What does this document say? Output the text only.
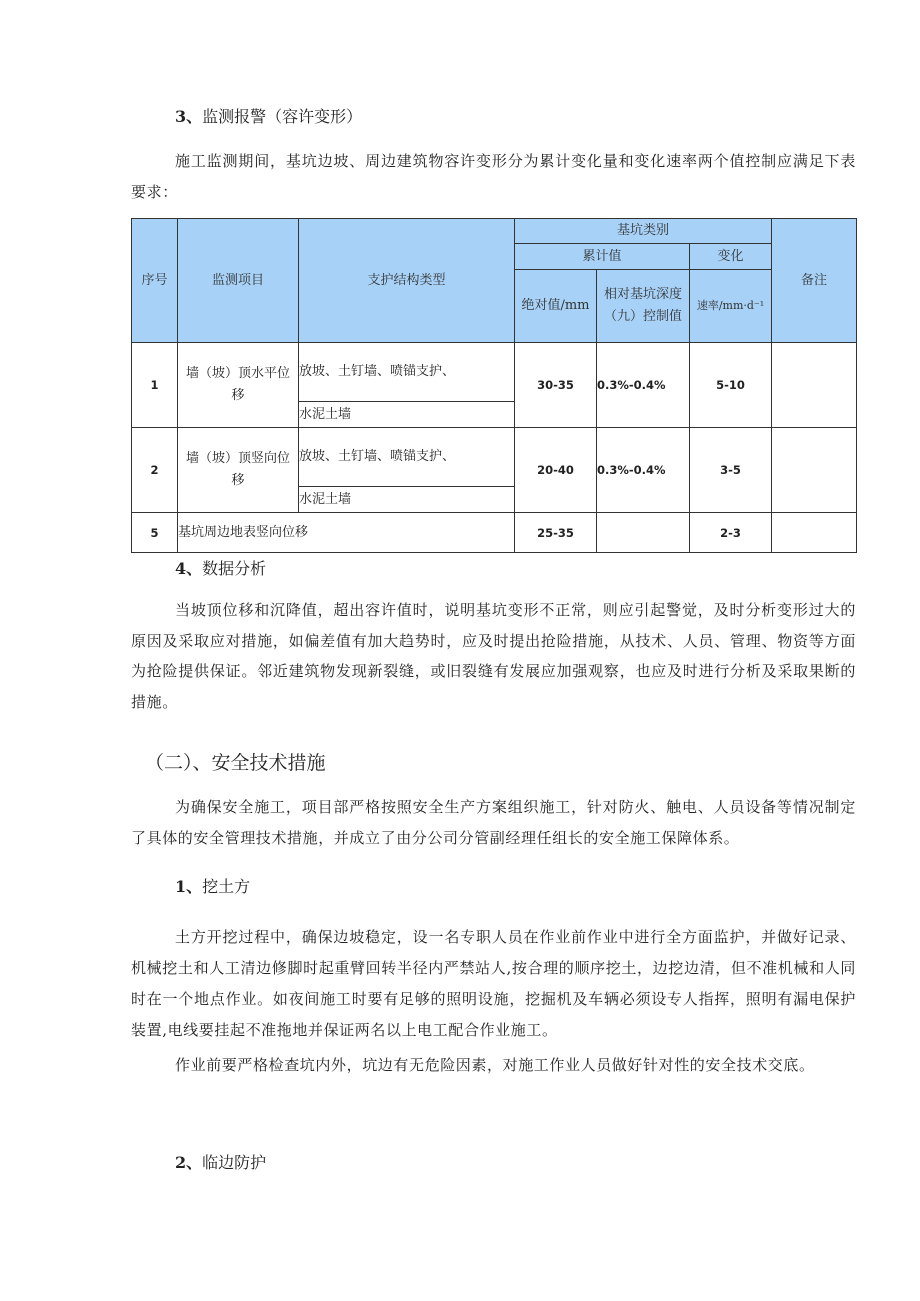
3、监测报警（容许变形）
施工监测期间，基坑边坡、周边建筑物容许变形分为累计变化量和变化速率两个值控制应满足下表要求：
序号	监测项目	支护结构类型	基坑类别			备注
			累计值		变化	
			绝对值/mm	相对基坑深度（九）控制值	速率/mm·d⁻¹	
1	墙（坡）顶水平位移	放坡、土钉墙、喷锚支护、	30-35	0.3%-0.4%	5-10	
		水泥土墙				
2	墙（坡）顶竖向位移	放坡、土钉墙、喷锚支护、	20-40	0.3%-0.4%	3-5	
		水泥土墙				
5	基坑周边地表竖向位移		25-35		2-3	
4、数据分析
当坡顶位移和沉降值，超出容许值时，说明基坑变形不正常，则应引起警觉，及时分析变形过大的原因及采取应对措施，如偏差值有加大趋势时，应及时提出抢险措施，从技术、人员、管理、物资等方面为抢险提供保证。邻近建筑物发现新裂缝，或旧裂缝有发展应加强观察，也应及时进行分析及采取果断的措施。
（二）、安全技术措施
为确保安全施工，项目部严格按照安全生产方案组织施工，针对防火、触电、人员设备等情况制定了具体的安全管理技术措施，并成立了由分公司分管副经理任组长的安全施工保障体系。
1、挖土方
土方开挖过程中，确保边坡稳定，设一名专职人员在作业前作业中进行全方面监护，并做好记录、机械挖土和人工清边修脚时起重臂回转半径内严禁站人,按合理的顺序挖土，边挖边清，但不准机械和人同时在一个地点作业。如夜间施工时要有足够的照明设施，挖掘机及车辆必须设专人指挥，照明有漏电保护装置,电线要挂起不准拖地并保证两名以上电工配合作业施工。
作业前要严格检查坑内外，坑边有无危险因素，对施工作业人员做好针对性的安全技术交底。
2、临边防护
